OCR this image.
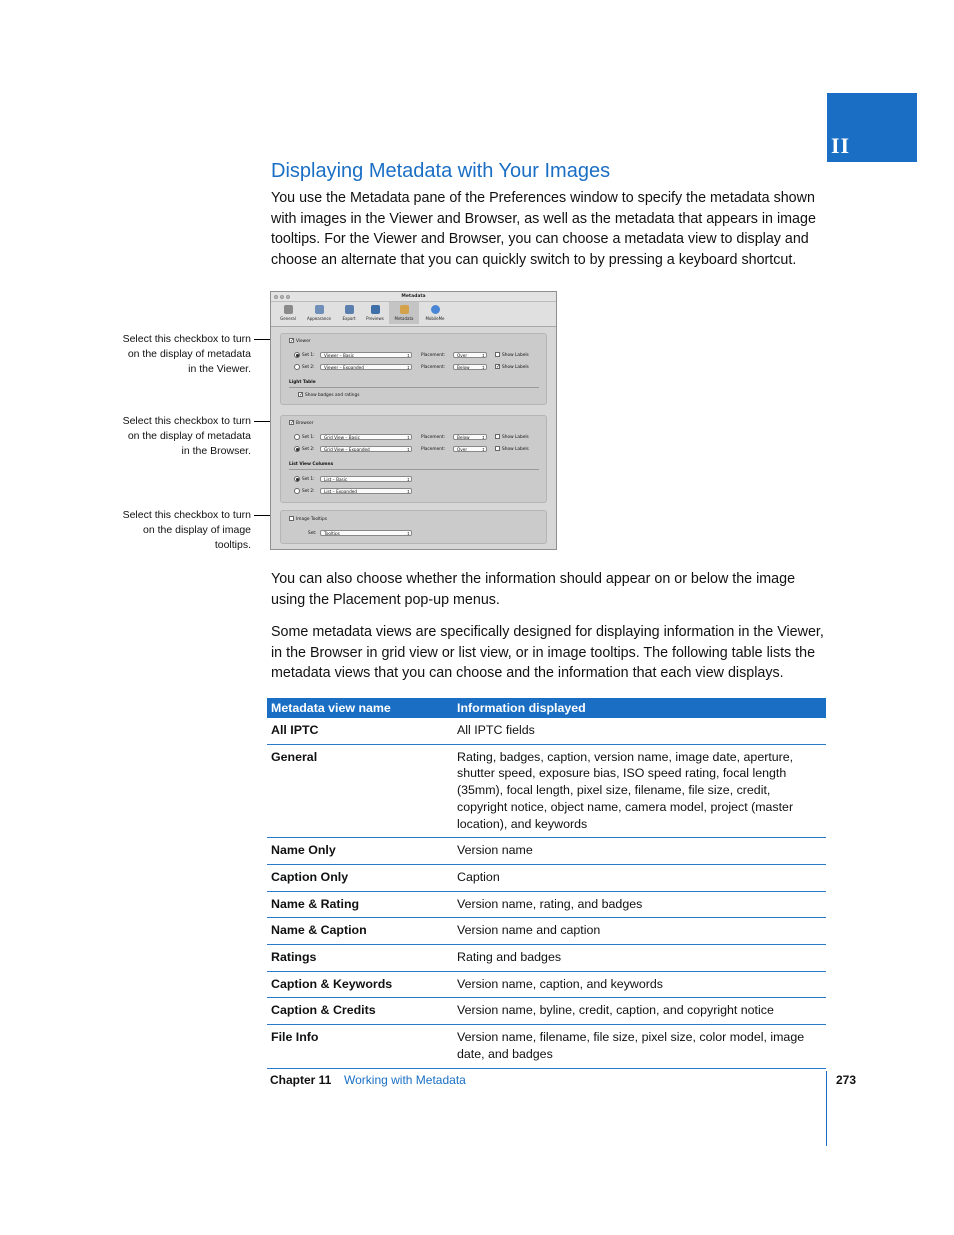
II
Displaying Metadata with Your Images

You use the Metadata pane of the Preferences window to specify the metadata shown with images in the Viewer and Browser, as well as the metadata that appears in image tooltips. For the Viewer and Browser, you can choose a metadata view to display and choose an alternate that you can quickly switch to by pressing a keyboard shortcut.

Select this checkbox to turn on the display of metadata in the Viewer.
Select this checkbox to turn on the display of metadata in the Browser.
Select this checkbox to turn on the display of image tooltips.
Metadata
General	Appearance	Export	Previews	Metadata	MobileMe
✓ Viewer
Set 1:	Viewer – Basic ↕	Placement:	Over ↕	Show Labels
Set 2:	Viewer – Expanded ↕	Placement:	Below ↕	✓ Show Labels
Light Table
✓ Show badges and ratings
✓ Browser
Set 1:	Grid View – Basic ↕	Placement:	Below ↕	Show Labels
Set 2:	Grid View – Expanded ↕	Placement:	Over ↕	Show Labels
List View Columns
Set 1:	List – Basic ↕
Set 2:	List – Expanded ↕
Image Tooltips
Set:	Tooltips ↕

You can also choose whether the information should appear on or below the image using the Placement pop-up menus.

Some metadata views are specifically designed for displaying information in the Viewer, in the Browser in grid view or list view, or in image tooltips. The following table lists the metadata views that you can choose and the information that each view displays.

Metadata view name	Information displayed
All IPTC	All IPTC fields
General	Rating, badges, caption, version name, image date, aperture, shutter speed, exposure bias, ISO speed rating, focal length (35mm), focal length, pixel size, filename, file size, credit, copyright notice, object name, camera model, project (master location), and keywords
Name Only	Version name
Caption Only	Caption
Name & Rating	Version name, rating, and badges
Name & Caption	Version name and caption
Ratings	Rating and badges
Caption & Keywords	Version name, caption, and keywords
Caption & Credits	Version name, byline, credit, caption, and copyright notice
File Info	Version name, filename, file size, pixel size, color model, image date, and badges
Chapter 11 Working with Metadata	273
